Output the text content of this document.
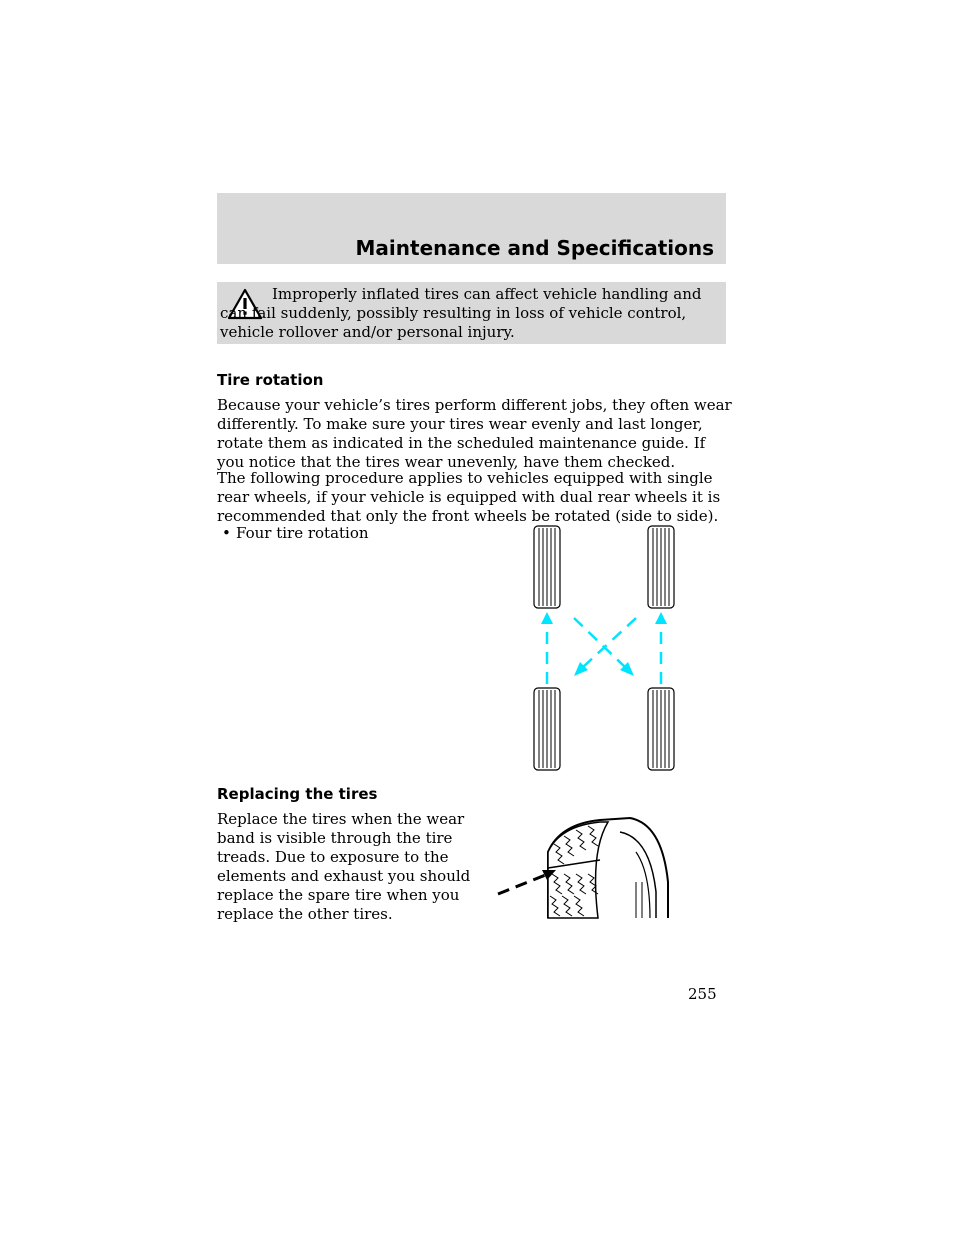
Maintenance and Specifications
Improperly inflated tires can affect vehicle handling and can fail suddenly, possibly resulting in loss of vehicle control, vehicle rollover and/or personal injury.
Tire rotation
Because your vehicle’s tires perform different jobs, they often wear differently. To make sure your tires wear evenly and last longer, rotate them as indicated in the scheduled maintenance guide. If you notice that the tires wear unevenly, have them checked.
The following procedure applies to vehicles equipped with single rear wheels, if your vehicle is equipped with dual rear wheels it is recommended that only the front wheels be rotated (side to side).
• Four tire rotation
Replacing the tires
Replace the tires when the wear band is visible through the tire treads. Due to exposure to the elements and exhaust you should replace the spare tire when you replace the other tires.
255
